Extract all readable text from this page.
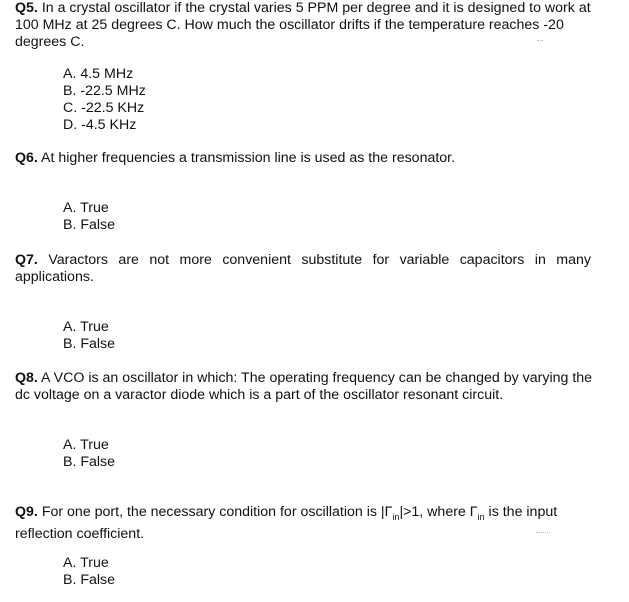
Q5. In a crystal oscillator if the crystal varies 5 PPM per degree and it is designed to work at 100 MHz at 25 degrees C. How much the oscillator drifts if the temperature reaches -20 degrees C.
A. 4.5 MHz
B. -22.5 MHz
C. -22.5 KHz
D. -4.5 KHz
Q6. At higher frequencies a transmission line is used as the resonator.
A. True
B. False
Q7. Varactors are not more convenient substitute for variable capacitors in many applications.
A. True
B. False
Q8. A VCO is an oscillator in which: The operating frequency can be changed by varying the dc voltage on a varactor diode which is a part of the oscillator resonant circuit.
A. True
B. False
Q9. For one port, the necessary condition for oscillation is $|\Gamma_{in}|>1$, where $\Gamma_{in}$ is the input reflection coefficient.
A. True
B. False
